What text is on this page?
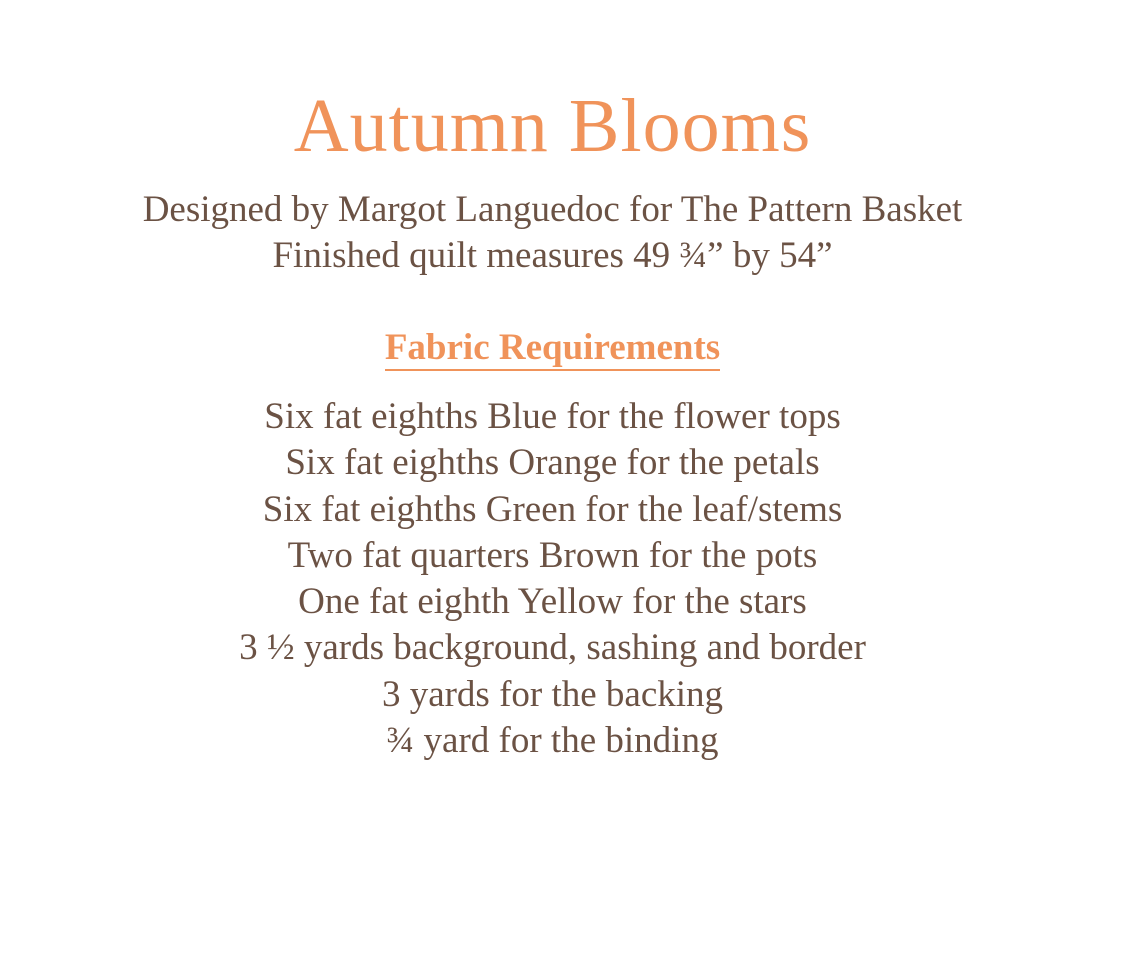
Autumn Blooms
Designed by Margot Languedoc for The Pattern Basket
Finished quilt measures 49 ¾” by 54”
Fabric Requirements
Six fat eighths Blue for the flower tops
Six fat eighths Orange for the petals
Six fat eighths Green for the leaf/stems
Two fat quarters Brown for the pots
One fat eighth Yellow for the stars
3 ½ yards background, sashing and border
3 yards for the backing
¾ yard for the binding
